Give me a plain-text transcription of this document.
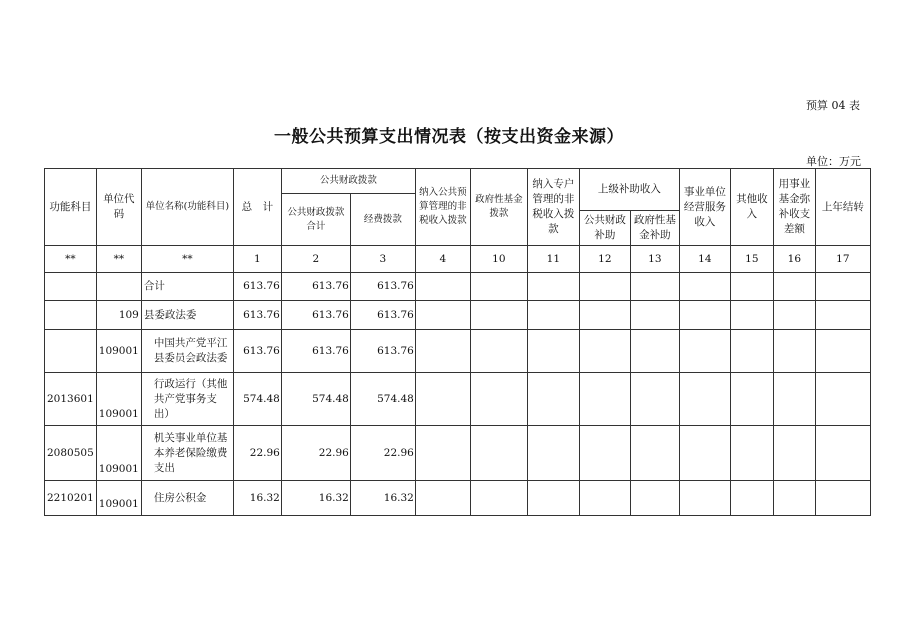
预算 04 表
一般公共预算支出情况表（按支出资金来源）
单位：万元
功能科目	单位代码	单位名称(功能科目)	总　计	公共财政拨款		纳入公共预算管理的非税收入拨款	政府性基金拨款	纳入专户管理的非税收入拨款	上级补助收入		事业单位经营服务收入	其他收入	用事业基金弥补收支差额	上年结转
				公共财政拨款合计	经费拨款									
									公共财政补助	政府性基金补助				
**	**	**	1	2	3	4	10	11	12	13	14	15	16	17
		合计	613.76	613.76	613.76									
	109	县委政法委	613.76	613.76	613.76									
	109001	中国共产党平江县委员会政法委	613.76	613.76	613.76									
2013601	109001	行政运行（其他共产党事务支出）	574.48	574.48	574.48									
2080505	109001	机关事业单位基本养老保险缴费支出	22.96	22.96	22.96									
2210201	109001	住房公积金	16.32	16.32	16.32									
